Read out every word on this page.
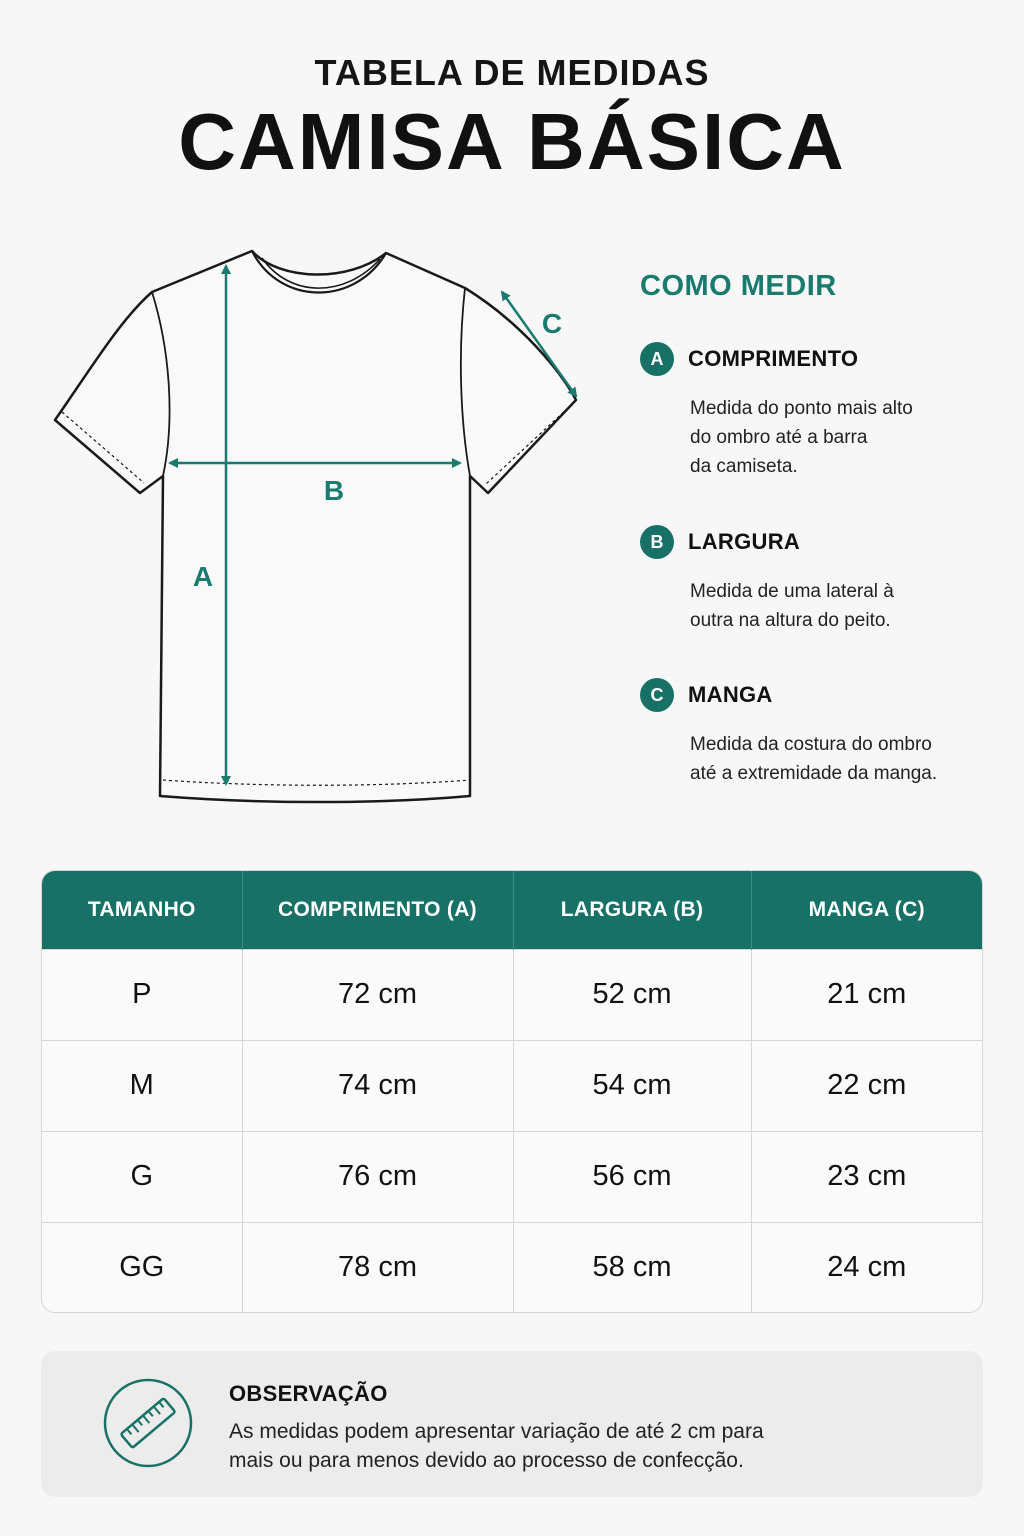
TABELA DE MEDIDAS
CAMISA BÁSICA
A
B
C
COMO MEDIR
A	COMPRIMENTO
Medida do ponto mais alto
do ombro até a barra
da camiseta.
B	LARGURA
Medida de uma lateral à
outra na altura do peito.
C	MANGA
Medida da costura do ombro
até a extremidade da manga.
TAMANHO	COMPRIMENTO (A)	LARGURA (B)	MANGA (C)
P	72 cm	52 cm	21 cm
M	74 cm	54 cm	22 cm
G	76 cm	56 cm	23 cm
GG	78 cm	58 cm	24 cm
OBSERVAÇÃO
As medidas podem apresentar variação de até 2 cm para
mais ou para menos devido ao processo de confecção.
